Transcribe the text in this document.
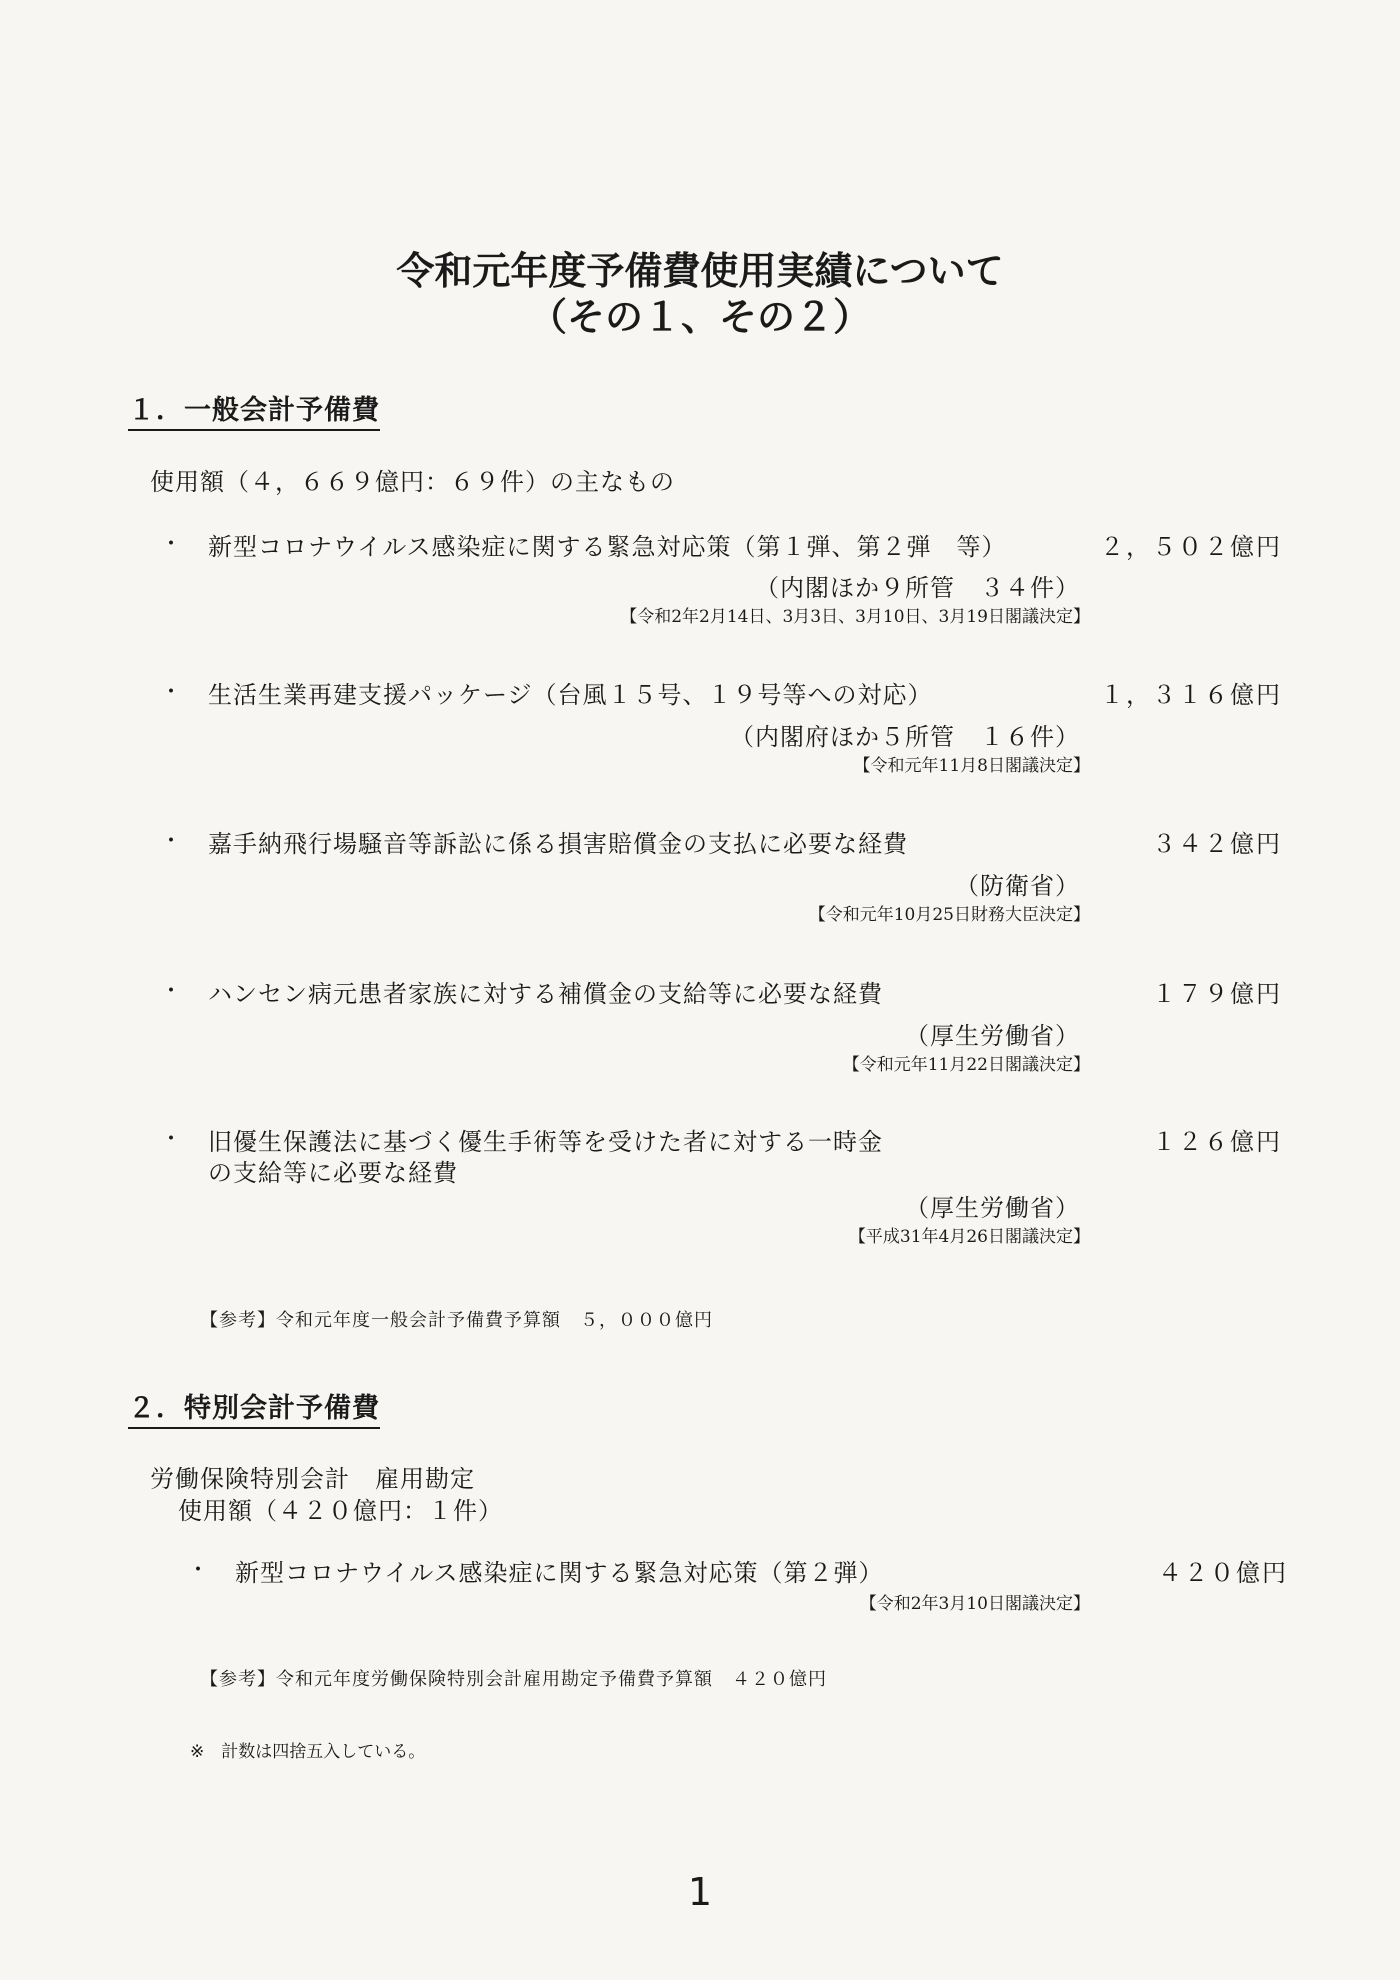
令和元年度予備費使用実績について
（その１、その２）
１．一般会計予備費
使用額（４，６６９億円：６９件）の主なもの
・ 新型コロナウイルス感染症に関する緊急対応策（第１弾、第２弾　等）	２，５０２億円
（内閣ほか９所管　３４件）
【令和2年2月14日、3月3日、3月10日、3月19日閣議決定】
・ 生活生業再建支援パッケージ（台風１５号、１９号等への対応）	１，３１６億円
（内閣府ほか５所管　１６件）
【令和元年11月8日閣議決定】
・ 嘉手納飛行場騒音等訴訟に係る損害賠償金の支払に必要な経費	３４２億円
（防衛省）
【令和元年10月25日財務大臣決定】
・ ハンセン病元患者家族に対する補償金の支給等に必要な経費	１７９億円
（厚生労働省）
【令和元年11月22日閣議決定】
・ 旧優生保護法に基づく優生手術等を受けた者に対する一時金
の支給等に必要な経費
１２６億円
（厚生労働省）
【平成31年4月26日閣議決定】
【参考】令和元年度一般会計予備費予算額　５，０００億円
２．特別会計予備費
労働保険特別会計　雇用勘定
使用額（４２０億円：１件）
・ 新型コロナウイルス感染症に関する緊急対応策（第２弾）	４２０億円
【令和2年3月10日閣議決定】
【参考】令和元年度労働保険特別会計雇用勘定予備費予算額　４２０億円
※　計数は四捨五入している。
1
